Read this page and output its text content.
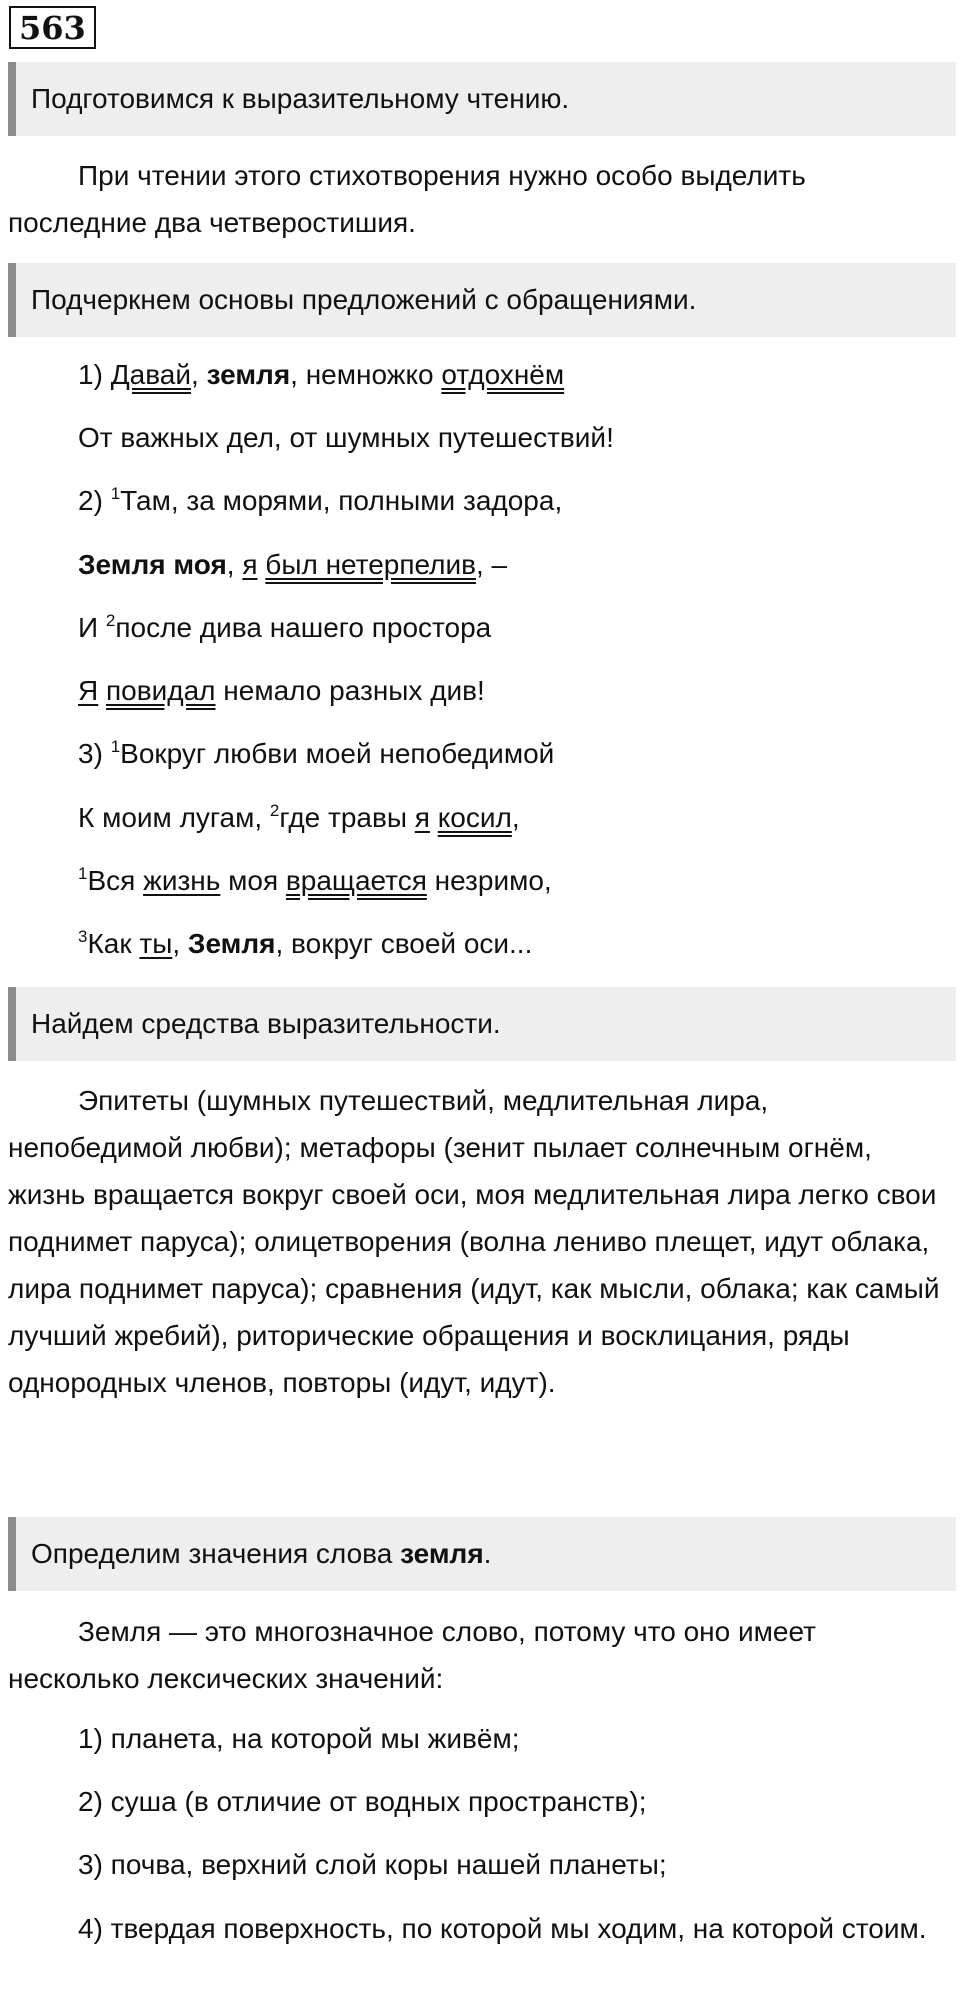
563
Подготовимся к выразительному чтению.
При чтении этого стихотворения нужно особо выделить последние два четверостишия.
Подчеркнем основы предложений с обращениями.
1) Давай, земля, немножко отдохнём
От важных дел, от шумных путешествий!
2) $^1$Там, за морями, полными задора,
Земля моя, я был нетерпелив, –
И $^2$после дива нашего простора
Я повидал немало разных див!
3) $^1$Вокруг любви моей непобедимой
К моим лугам, $^2$где травы я косил,
$^1$Вся жизнь моя вращается незримо,
$^3$Как ты, Земля, вокруг своей оси...
Найдем средства выразительности.
Эпитеты (шумных путешествий, медлительная лира, непобедимой любви); метафоры (зенит пылает солнечным огнём, жизнь вращается вокруг своей оси, моя медлительная лира легко свои поднимет паруса); олицетворения (волна лениво плещет, идут облака, лира поднимет паруса); сравнения (идут, как мысли, облака; как самый лучший жребий), риторические обращения и восклицания, ряды однородных членов, повторы (идут, идут).
Определим значения слова земля.
Земля — это многозначное слово, потому что оно имеет несколько лексических значений:
1) планета, на которой мы живём;
2) суша (в отличие от водных пространств);
3) почва, верхний слой коры нашей планеты;
4) твердая поверхность, по которой мы ходим, на которой стоим.
